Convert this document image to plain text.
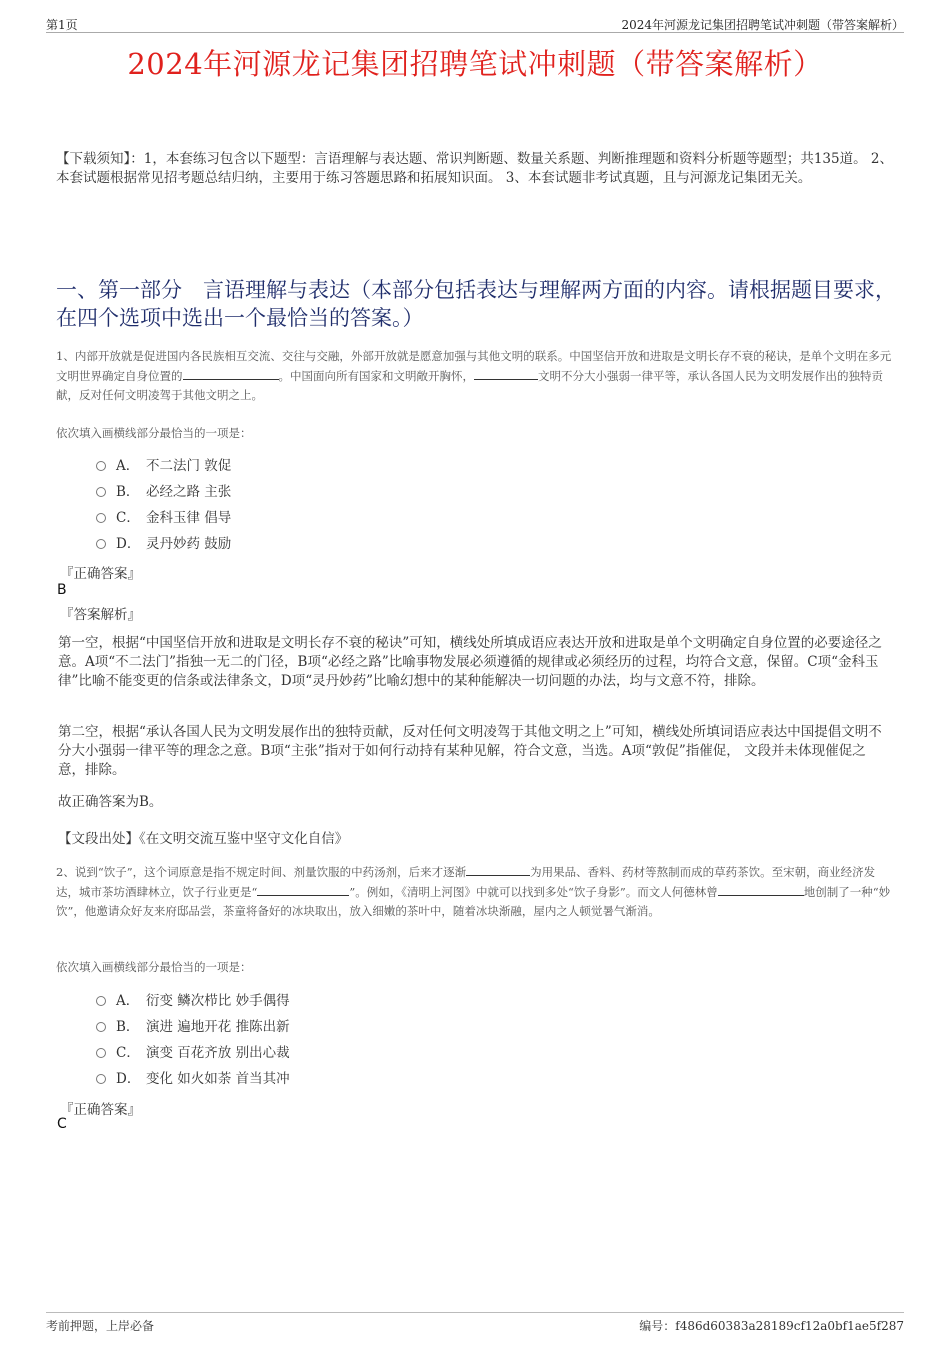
第1页	2024年河源龙记集团招聘笔试冲刺题（带答案解析）
2024年河源龙记集团招聘笔试冲刺题（带答案解析）
【下载须知】：1，本套练习包含以下题型：言语理解与表达题、常识判断题、数量关系题、判断推理题和资料分析题等题型；共135道。 2、本套试题根据常见招考题总结归纳，主要用于练习答题思路和拓展知识面。 3、本套试题非考试真题，且与河源龙记集团无关。
一、第一部分　言语理解与表达（本部分包括表达与理解两方面的内容。请根据题目要求，在四个选项中选出一个最恰当的答案。）
1、内部开放就是促进国内各民族相互交流、交往与交融，外部开放就是愿意加强与其他文明的联系。中国坚信开放和进取是文明长存不衰的秘诀，是单个文明在多元文明世界确定自身位置的	。中国面向所有国家和文明敞开胸怀，	文明不分大小强弱一律平等，承认各国人民为文明发展作出的独特贡献，反对任何文明凌驾于其他文明之上。
依次填入画横线部分最恰当的一项是：
A． 不二法门 敦促
B． 必经之路 主张
C． 金科玉律 倡导
D． 灵丹妙药 鼓励
『正确答案』
B
『答案解析』
第一空，根据“中国坚信开放和进取是文明长存不衰的秘诀”可知，横线处所填成语应表达开放和进取是单个文明确定自身位置的必要途径之意。A项“不二法门”指独一无二的门径，B项“必经之路”比喻事物发展必须遵循的规律或必须经历的过程，均符合文意，保留。C项“金科玉律”比喻不能变更的信条或法律条文，D项“灵丹妙药”比喻幻想中的某种能解决一切问题的办法，均与文意不符，排除。
第二空，根据“承认各国人民为文明发展作出的独特贡献，反对任何文明凌驾于其他文明之上”可知，横线处所填词语应表达中国提倡文明不分大小强弱一律平等的理念之意。B项“主张”指对于如何行动持有某种见解，符合文意，当选。A项“敦促”指催促， 文段并未体现催促之意，排除。
故正确答案为B。
【文段出处】《在文明交流互鉴中坚守文化自信》
2、说到“饮子”，这个词原意是指不规定时间、剂量饮服的中药汤剂，后来才逐渐	为用果品、香料、药材等熬制而成的草药茶饮。至宋朝，商业经济发达，城市茶坊酒肆林立，饮子行业更是“	”。例如，《清明上河图》中就可以找到多处“饮子身影”。而文人何德林曾	地创制了一种“妙饮”，他邀请众好友来府邸品尝，茶童将备好的冰块取出，放入细嫩的茶叶中，随着冰块渐融，屋内之人顿觉暑气渐消。
依次填入画横线部分最恰当的一项是：
A． 衍变 鳞次栉比 妙手偶得
B． 演进 遍地开花 推陈出新
C． 演变 百花齐放 别出心裁
D． 变化 如火如荼 首当其冲
『正确答案』
C
考前押题，上岸必备	编号：f486d60383a28189cf12a0bf1ae5f287
